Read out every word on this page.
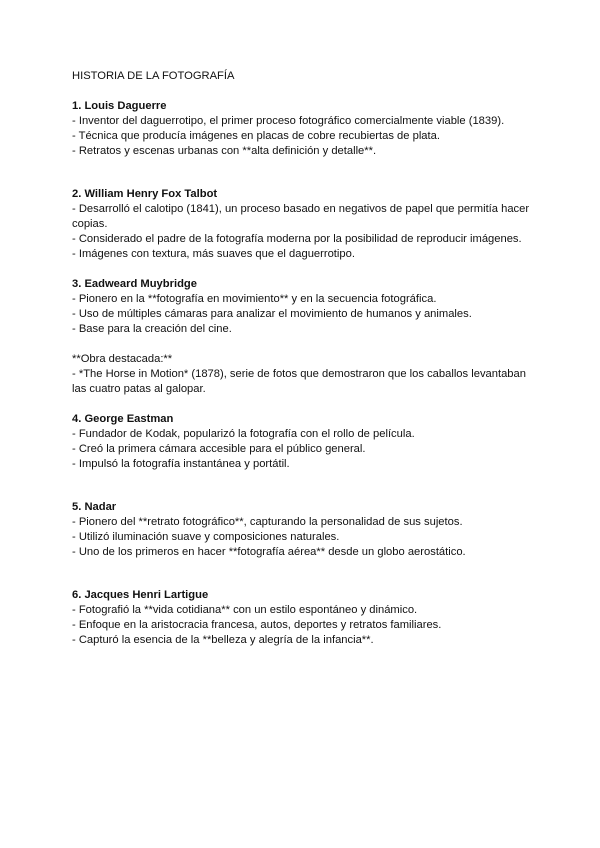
HISTORIA DE LA FOTOGRAFÍA

1. Louis Daguerre

- Inventor del daguerrotipo, el primer proceso fotográfico comercialmente viable (1839).

- Técnica que producía imágenes en placas de cobre recubiertas de plata.

- Retratos y escenas urbanas con **alta definición y detalle**.

2. William Henry Fox Talbot

- Desarrolló el calotipo (1841), un proceso basado en negativos de papel que permitía hacer copias.

- Considerado el padre de la fotografía moderna por la posibilidad de reproducir imágenes.

- Imágenes con textura, más suaves que el daguerrotipo.

3. Eadweard Muybridge

- Pionero en la **fotografía en movimiento** y en la secuencia fotográfica.

- Uso de múltiples cámaras para analizar el movimiento de humanos y animales.

- Base para la creación del cine.

**Obra destacada:**

- *The Horse in Motion* (1878), serie de fotos que demostraron que los caballos levantaban las cuatro patas al galopar.

4. George Eastman

- Fundador de Kodak, popularizó la fotografía con el rollo de película.

- Creó la primera cámara accesible para el público general.

- Impulsó la fotografía instantánea y portátil.

5. Nadar

- Pionero del **retrato fotográfico**, capturando la personalidad de sus sujetos.

- Utilizó iluminación suave y composiciones naturales.

- Uno de los primeros en hacer **fotografía aérea** desde un globo aerostático.

6. Jacques Henri Lartigue

- Fotografió la **vida cotidiana** con un estilo espontáneo y dinámico.

- Enfoque en la aristocracia francesa, autos, deportes y retratos familiares.

- Capturó la esencia de la **belleza y alegría de la infancia**.
